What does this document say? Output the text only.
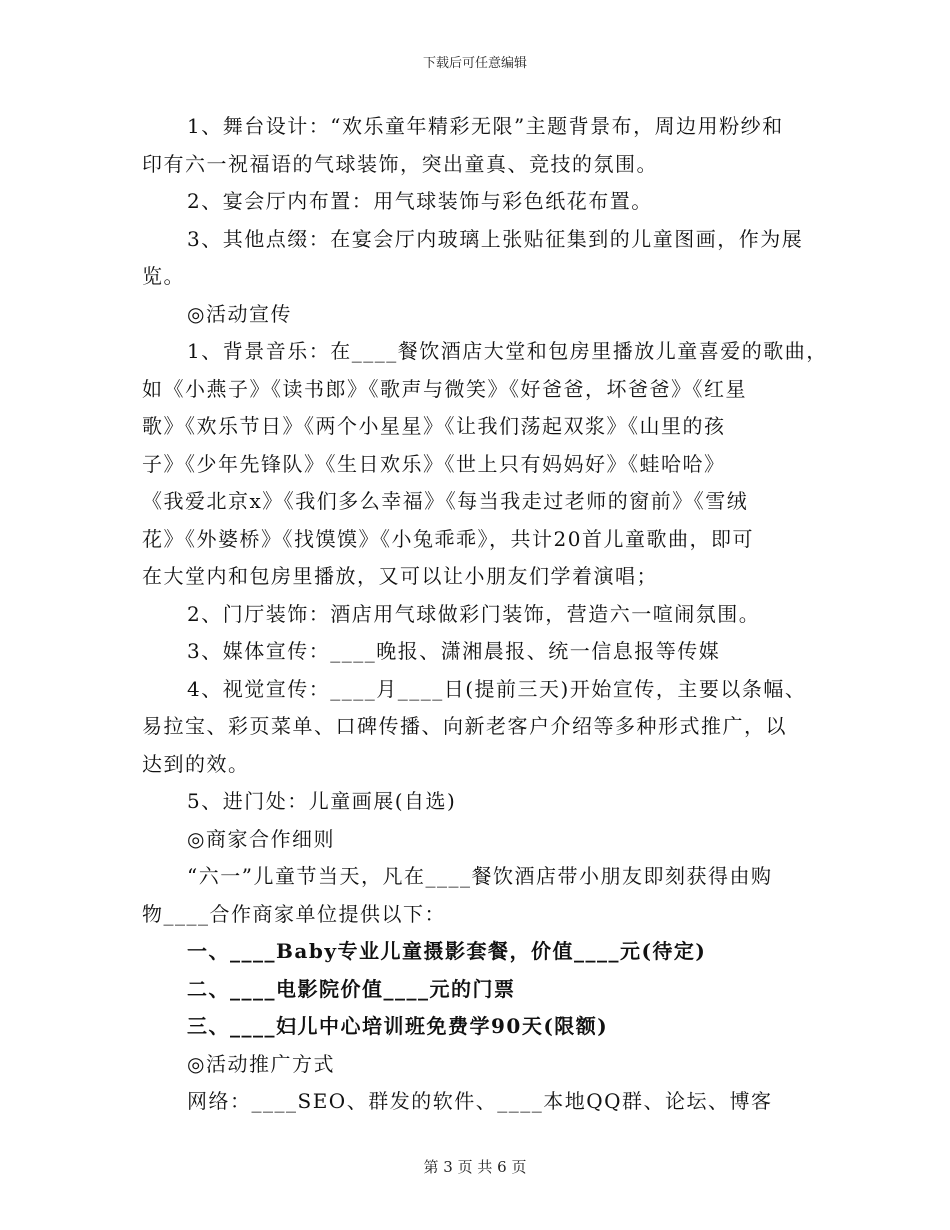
下载后可任意编辑

1、舞台设计：“欢乐童年精彩无限”主题背景布，周边用粉纱和

印有六一祝福语的气球装饰，突出童真、竞技的氛围。

2、宴会厅内布置：用气球装饰与彩色纸花布置。

3、其他点缀：在宴会厅内玻璃上张贴征集到的儿童图画，作为展

览。

◎活动宣传

1、背景音乐：在____餐饮酒店大堂和包房里播放儿童喜爱的歌曲，

如《小燕子》《读书郎》《歌声与微笑》《好爸爸，坏爸爸》《红星

歌》《欢乐节日》《两个小星星》《让我们荡起双浆》《山里的孩

子》《少年先锋队》《生日欢乐》《世上只有妈妈好》《蛙哈哈》

《我爱北京x》《我们多么幸福》《每当我走过老师的窗前》《雪绒

花》《外婆桥》《找馍馍》《小兔乖乖》，共计20首儿童歌曲，即可

在大堂内和包房里播放，又可以让小朋友们学着演唱；

2、门厅装饰：酒店用气球做彩门装饰，营造六一喧闹氛围。

3、媒体宣传：____晚报、潇湘晨报、统一信息报等传媒

4、视觉宣传：____月____日(提前三天)开始宣传，主要以条幅、

易拉宝、彩页菜单、口碑传播、向新老客户介绍等多种形式推广，以

达到的效。

5、进门处：儿童画展(自选)

◎商家合作细则

“六一”儿童节当天，凡在____餐饮酒店带小朋友即刻获得由购

物____合作商家单位提供以下：

一、____Baby专业儿童摄影套餐，价值____元(待定)

二、____电影院价值____元的门票

三、____妇儿中心培训班免费学90天(限额)

◎活动推广方式

网络：____SEO、群发的软件、____本地QQ群、论坛、博客

第 3 页 共 6 页
